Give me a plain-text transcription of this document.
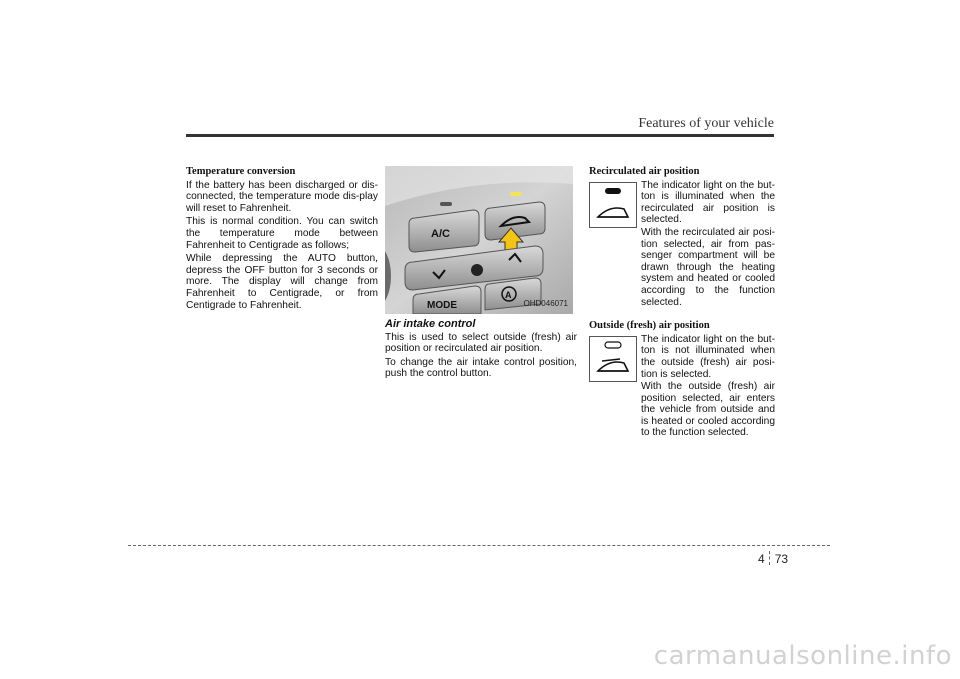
Features of your vehicle
Temperature conversion

If the battery has been discharged or dis-connected, the temperature mode dis-play will reset to Fahrenheit.

This is normal condition. You can switch the temperature mode between Fahrenheit to Centigrade as follows;

While depressing the AUTO button, depress the OFF button for 3 seconds or more. The display will change from Fahrenheit to Centigrade, or from Centigrade to Fahrenheit.

A/C
MODE
A
OHD046071
Air intake control

This is used to select outside (fresh) air position or recirculated air position.

To change the air intake control position, push the control button.

Recirculated air position

The indicator light on the but-ton is illuminated when the recirculated air position is selected.

With the recirculated air posi-tion selected, air from pas-senger compartment will be drawn through the heating system and heated or cooled according to the function selected.

Outside (fresh) air position

The indicator light on the but-ton is not illuminated when the outside (fresh) air posi-tion is selected.

With the outside (fresh) air position selected, air enters the vehicle from outside and is heated or cooled according to the function selected.

4 73
carmanualsonline.info
